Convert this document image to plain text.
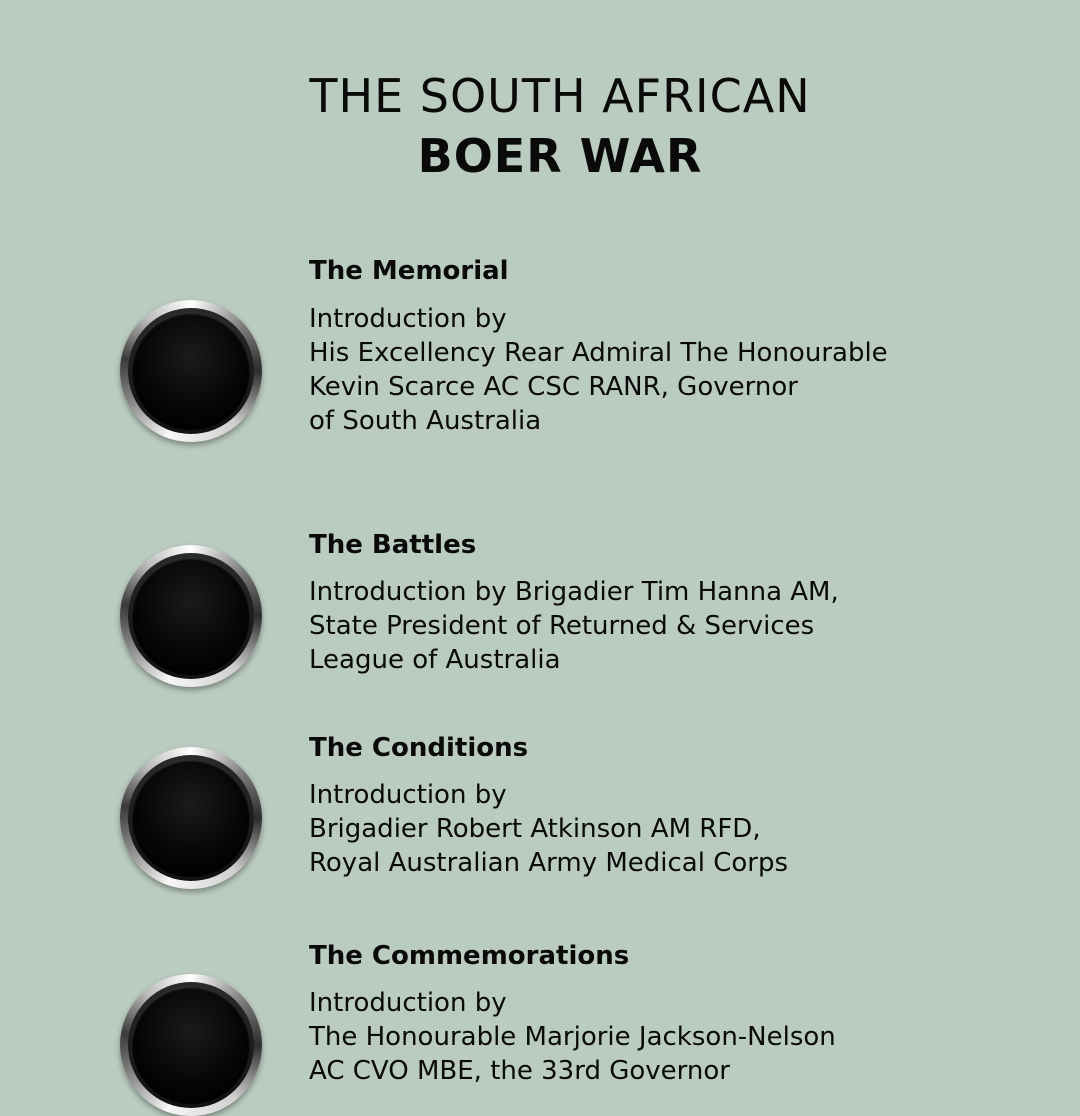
THE SOUTH AFRICAN
BOER WAR
The Memorial
Introduction by
His Excellency Rear Admiral The Honourable
Kevin Scarce AC CSC RANR, Governor
of South Australia
The Battles
Introduction by Brigadier Tim Hanna AM,
State President of Returned & Services
League of Australia
The Conditions
Introduction by
Brigadier Robert Atkinson AM RFD,
Royal Australian Army Medical Corps
The Commemorations
Introduction by
The Honourable Marjorie Jackson-Nelson
AC CVO MBE, the 33rd Governor
